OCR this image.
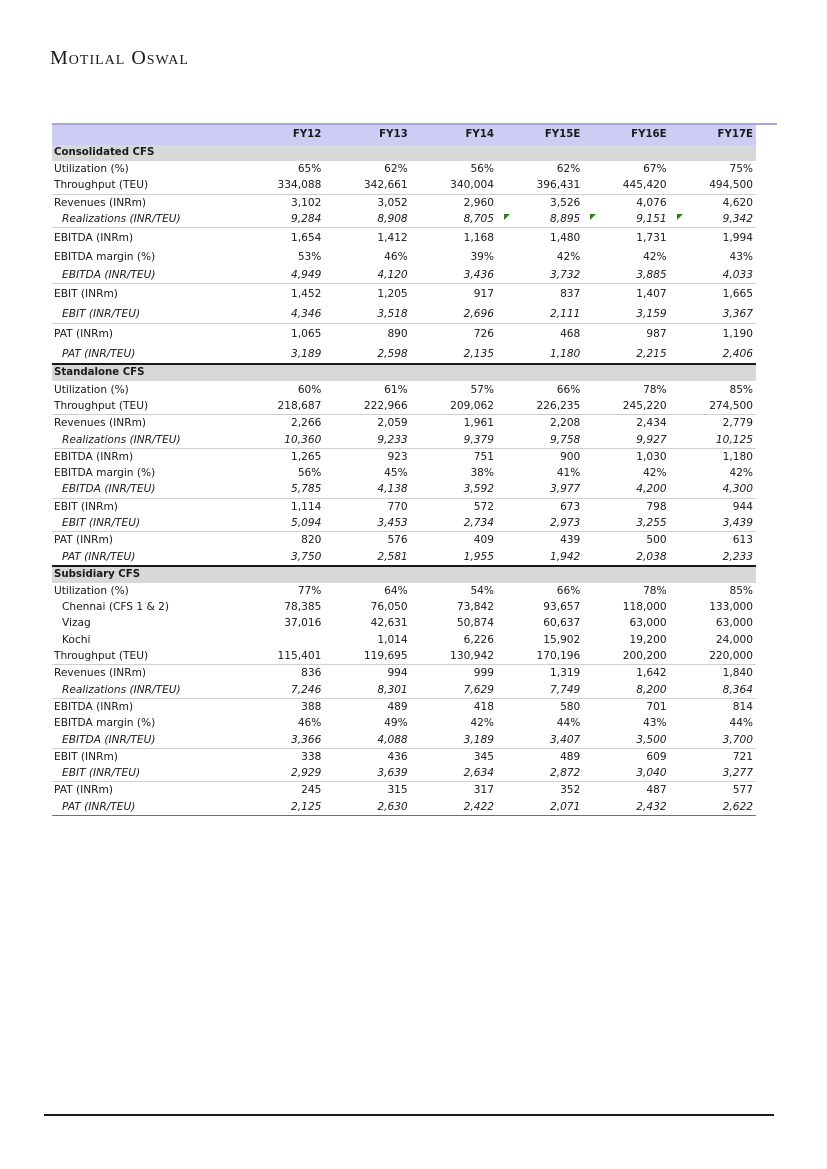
Motilal Oswal
	FY12	FY13	FY14	FY15E	FY16E	FY17E
Consolidated CFS						
Utilization (%)	65%	62%	56%	62%	67%	75%
Throughput (TEU)	334,088	342,661	340,004	396,431	445,420	494,500
Revenues (INRm)	3,102	3,052	2,960	3,526	4,076	4,620
Realizations (INR/TEU)	9,284	8,908	8,705	8,895	9,151	9,342
EBITDA (INRm)	1,654	1,412	1,168	1,480	1,731	1,994
EBITDA margin (%)	53%	46%	39%	42%	42%	43%
EBITDA (INR/TEU)	4,949	4,120	3,436	3,732	3,885	4,033
EBIT (INRm)	1,452	1,205	917	837	1,407	1,665
EBIT (INR/TEU)	4,346	3,518	2,696	2,111	3,159	3,367
PAT (INRm)	1,065	890	726	468	987	1,190
PAT (INR/TEU)	3,189	2,598	2,135	1,180	2,215	2,406
Standalone CFS						
Utilization (%)	60%	61%	57%	66%	78%	85%
Throughput (TEU)	218,687	222,966	209,062	226,235	245,220	274,500
Revenues (INRm)	2,266	2,059	1,961	2,208	2,434	2,779
Realizations (INR/TEU)	10,360	9,233	9,379	9,758	9,927	10,125
EBITDA (INRm)	1,265	923	751	900	1,030	1,180
EBITDA margin (%)	56%	45%	38%	41%	42%	42%
EBITDA (INR/TEU)	5,785	4,138	3,592	3,977	4,200	4,300
EBIT (INRm)	1,114	770	572	673	798	944
EBIT (INR/TEU)	5,094	3,453	2,734	2,973	3,255	3,439
PAT (INRm)	820	576	409	439	500	613
PAT (INR/TEU)	3,750	2,581	1,955	1,942	2,038	2,233
Subsidiary CFS						
Utilization (%)	77%	64%	54%	66%	78%	85%
Chennai (CFS 1 & 2)	78,385	76,050	73,842	93,657	118,000	133,000
Vizag	37,016	42,631	50,874	60,637	63,000	63,000
Kochi		1,014	6,226	15,902	19,200	24,000
Throughput (TEU)	115,401	119,695	130,942	170,196	200,200	220,000
Revenues (INRm)	836	994	999	1,319	1,642	1,840
Realizations (INR/TEU)	7,246	8,301	7,629	7,749	8,200	8,364
EBITDA (INRm)	388	489	418	580	701	814
EBITDA margin (%)	46%	49%	42%	44%	43%	44%
EBITDA (INR/TEU)	3,366	4,088	3,189	3,407	3,500	3,700
EBIT (INRm)	338	436	345	489	609	721
EBIT (INR/TEU)	2,929	3,639	2,634	2,872	3,040	3,277
PAT (INRm)	245	315	317	352	487	577
PAT (INR/TEU)	2,125	2,630	2,422	2,071	2,432	2,622
